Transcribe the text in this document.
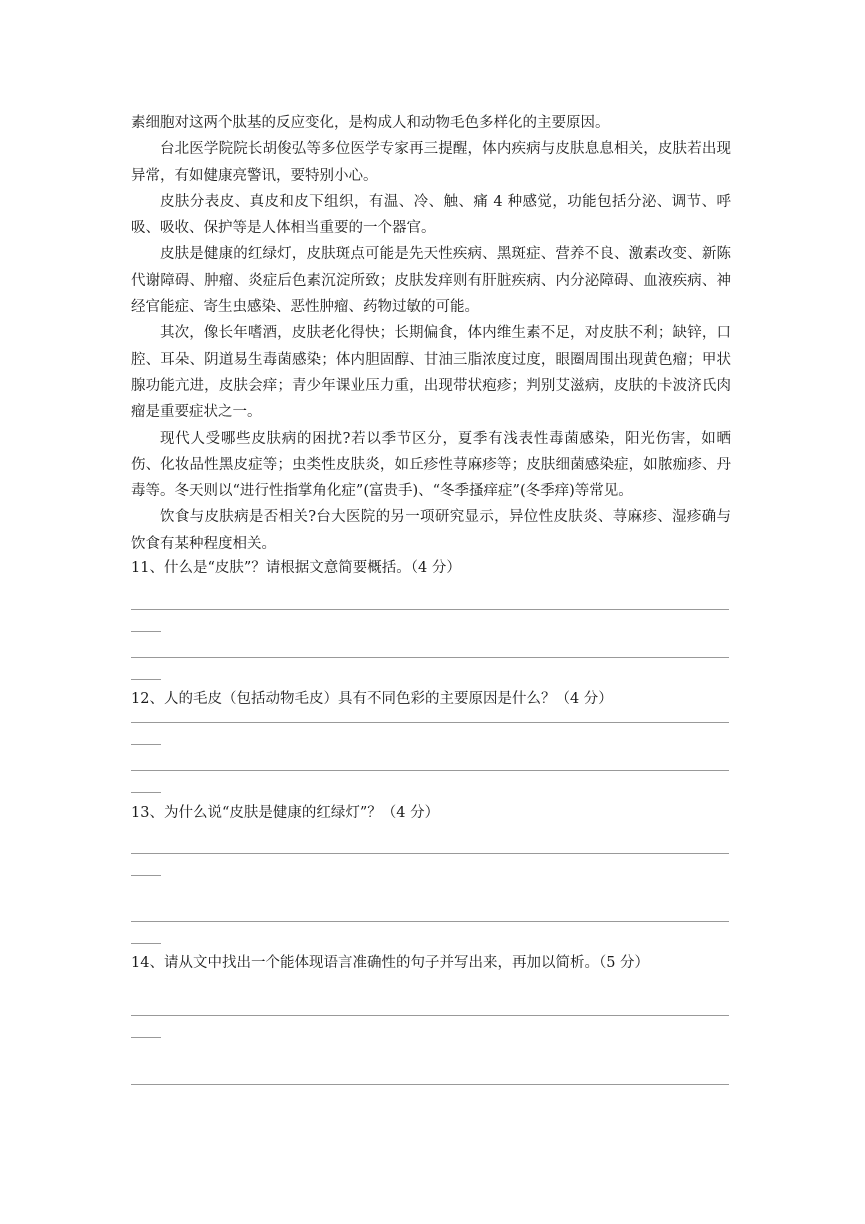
素细胞对这两个肽基的反应变化，是构成人和动物毛色多样化的主要原因。

台北医学院院长胡俊弘等多位医学专家再三提醒，体内疾病与皮肤息息相关，皮肤若出现异常，有如健康亮警讯，要特别小心。

皮肤分表皮、真皮和皮下组织，有温、冷、触、痛 4 种感觉，功能包括分泌、调节、呼吸、吸收、保护等是人体相当重要的一个器官。

皮肤是健康的红绿灯，皮肤斑点可能是先天性疾病、黑斑症、营养不良、激素改变、新陈代谢障碍、肿瘤、炎症后色素沉淀所致；皮肤发痒则有肝脏疾病、内分泌障碍、血液疾病、神经官能症、寄生虫感染、恶性肿瘤、药物过敏的可能。

其次，像长年嗜酒，皮肤老化得快；长期偏食，体内维生素不足，对皮肤不利；缺锌，口腔、耳朵、阴道易生毒菌感染；体内胆固醇、甘油三脂浓度过度，眼圈周围出现黄色瘤；甲状腺功能亢进，皮肤会痒；青少年课业压力重，出现带状疱疹；判别艾滋病，皮肤的卡波济氏肉瘤是重要症状之一。

现代人受哪些皮肤病的困扰?若以季节区分，夏季有浅表性毒菌感染，阳光伤害，如晒伤、化妆品性黑皮症等；虫类性皮肤炎，如丘疹性荨麻疹等；皮肤细菌感染症，如脓痂疹、丹毒等。冬天则以“进行性指掌角化症”(富贵手)、“冬季搔痒症”(冬季痒)等常见。

饮食与皮肤病是否相关?台大医院的另一项研究显示，异位性皮肤炎、荨麻疹、湿疹确与饮食有某种程度相关。

11、什么是“皮肤”？请根据文意简要概括。（4 分）

12、人的毛皮（包括动物毛皮）具有不同色彩的主要原因是什么？（4 分）

13、为什么说“皮肤是健康的红绿灯”？（4 分）

14、请从文中找出一个能体现语言准确性的句子并写出来，再加以简析。（5 分）
